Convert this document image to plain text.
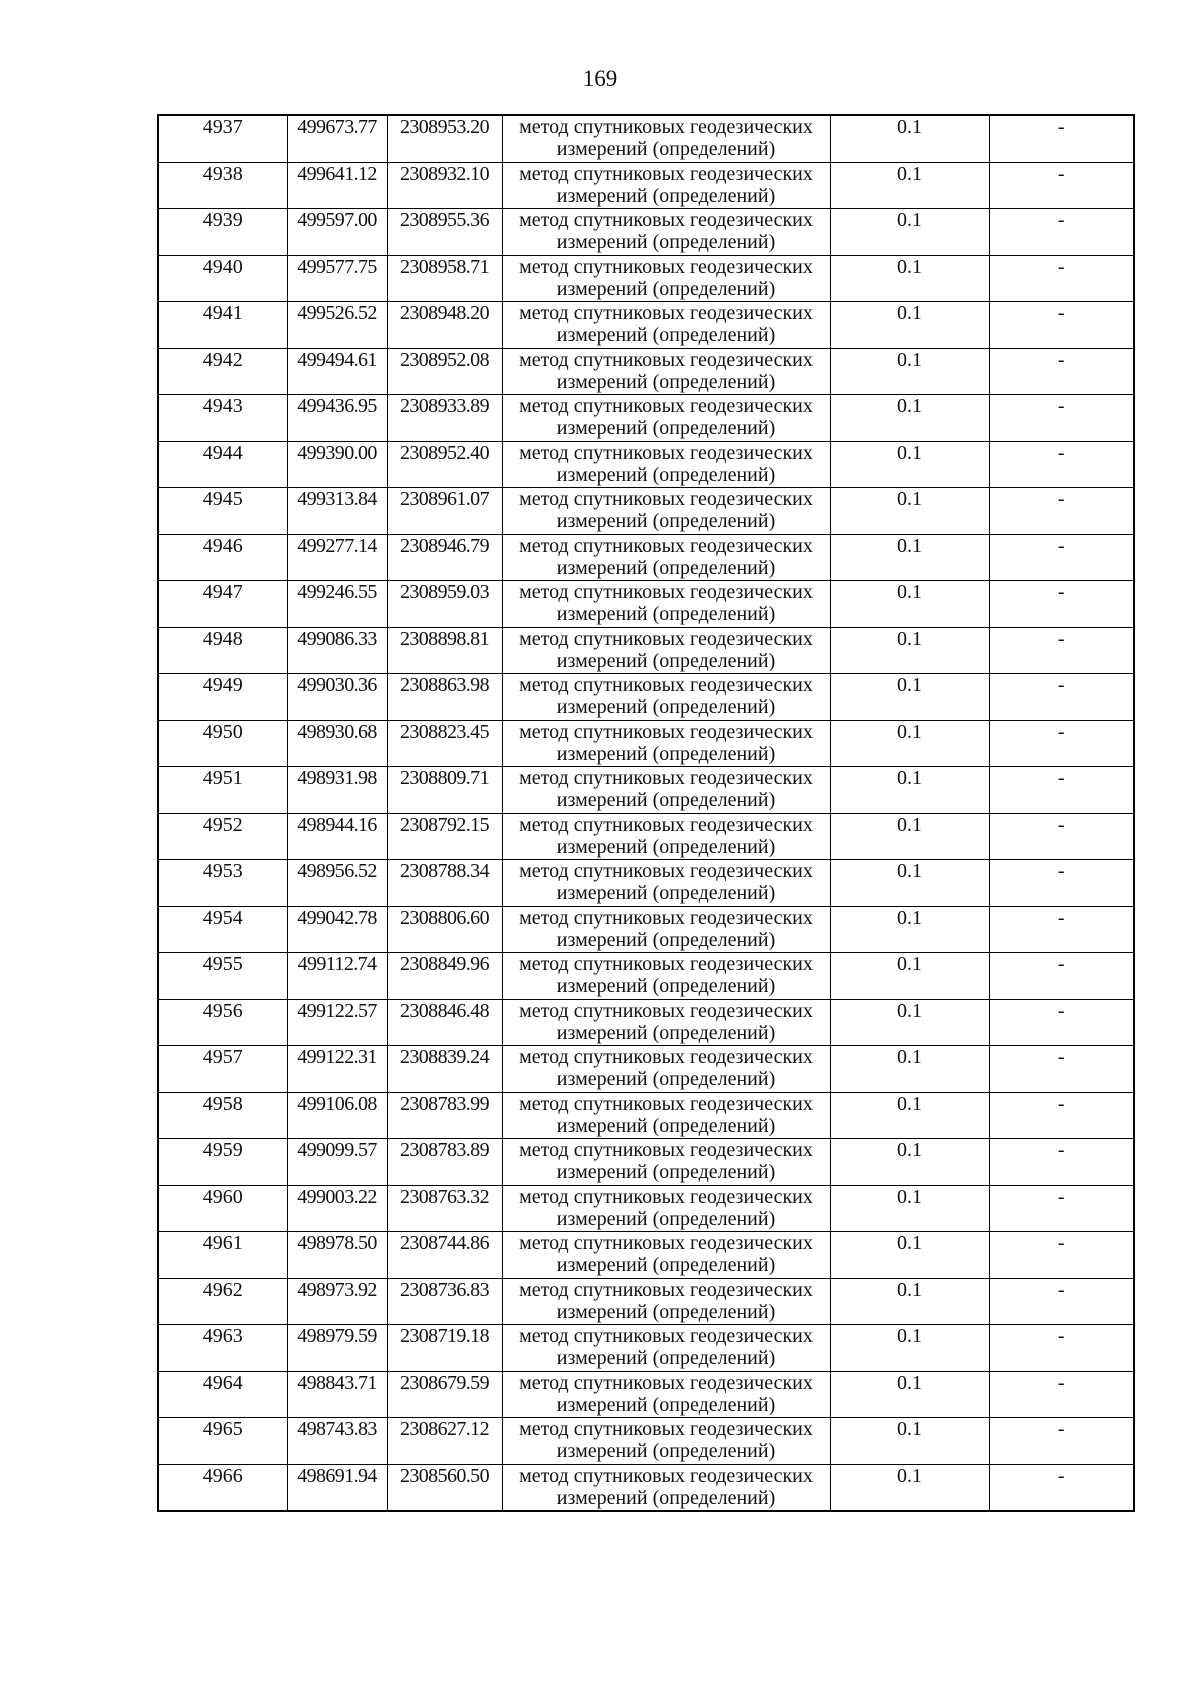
169
4937	499673.77	2308953.20	метод спутниковых геодезических измерений (определений)	0.1	-
4938	499641.12	2308932.10	метод спутниковых геодезических измерений (определений)	0.1	-
4939	499597.00	2308955.36	метод спутниковых геодезических измерений (определений)	0.1	-
4940	499577.75	2308958.71	метод спутниковых геодезических измерений (определений)	0.1	-
4941	499526.52	2308948.20	метод спутниковых геодезических измерений (определений)	0.1	-
4942	499494.61	2308952.08	метод спутниковых геодезических измерений (определений)	0.1	-
4943	499436.95	2308933.89	метод спутниковых геодезических измерений (определений)	0.1	-
4944	499390.00	2308952.40	метод спутниковых геодезических измерений (определений)	0.1	-
4945	499313.84	2308961.07	метод спутниковых геодезических измерений (определений)	0.1	-
4946	499277.14	2308946.79	метод спутниковых геодезических измерений (определений)	0.1	-
4947	499246.55	2308959.03	метод спутниковых геодезических измерений (определений)	0.1	-
4948	499086.33	2308898.81	метод спутниковых геодезических измерений (определений)	0.1	-
4949	499030.36	2308863.98	метод спутниковых геодезических измерений (определений)	0.1	-
4950	498930.68	2308823.45	метод спутниковых геодезических измерений (определений)	0.1	-
4951	498931.98	2308809.71	метод спутниковых геодезических измерений (определений)	0.1	-
4952	498944.16	2308792.15	метод спутниковых геодезических измерений (определений)	0.1	-
4953	498956.52	2308788.34	метод спутниковых геодезических измерений (определений)	0.1	-
4954	499042.78	2308806.60	метод спутниковых геодезических измерений (определений)	0.1	-
4955	499112.74	2308849.96	метод спутниковых геодезических измерений (определений)	0.1	-
4956	499122.57	2308846.48	метод спутниковых геодезических измерений (определений)	0.1	-
4957	499122.31	2308839.24	метод спутниковых геодезических измерений (определений)	0.1	-
4958	499106.08	2308783.99	метод спутниковых геодезических измерений (определений)	0.1	-
4959	499099.57	2308783.89	метод спутниковых геодезических измерений (определений)	0.1	-
4960	499003.22	2308763.32	метод спутниковых геодезических измерений (определений)	0.1	-
4961	498978.50	2308744.86	метод спутниковых геодезических измерений (определений)	0.1	-
4962	498973.92	2308736.83	метод спутниковых геодезических измерений (определений)	0.1	-
4963	498979.59	2308719.18	метод спутниковых геодезических измерений (определений)	0.1	-
4964	498843.71	2308679.59	метод спутниковых геодезических измерений (определений)	0.1	-
4965	498743.83	2308627.12	метод спутниковых геодезических измерений (определений)	0.1	-
4966	498691.94	2308560.50	метод спутниковых геодезических измерений (определений)	0.1	-
